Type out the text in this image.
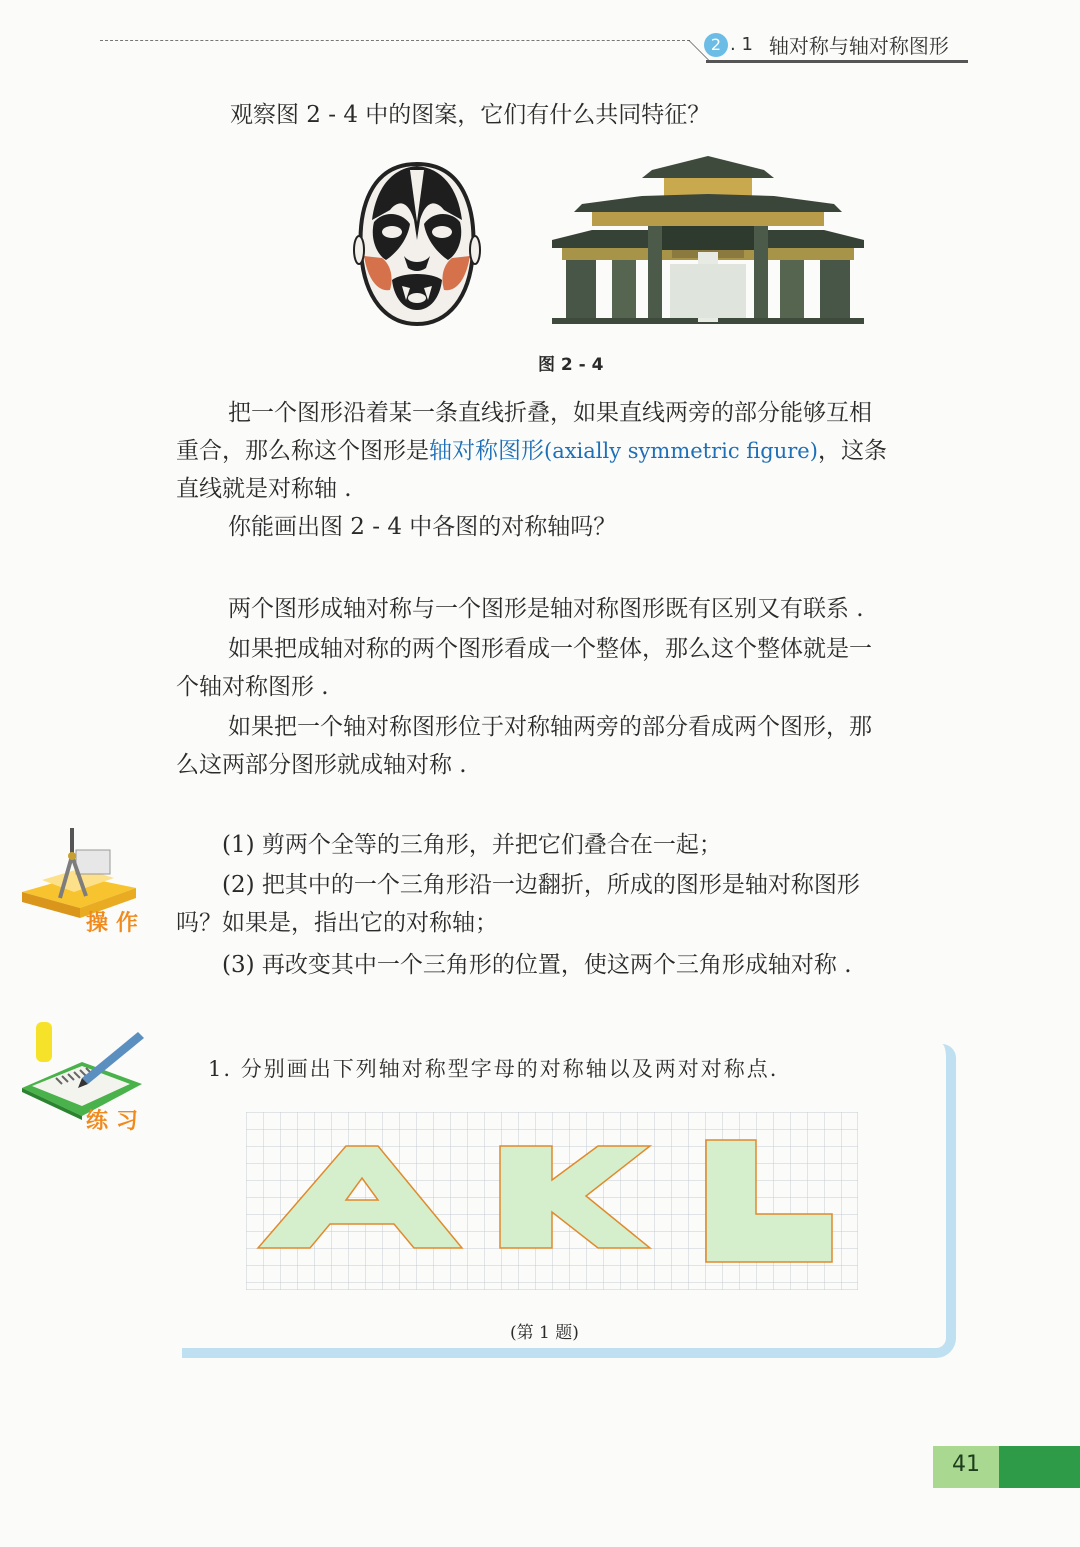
2 . 1 轴对称与轴对称图形
观察图 2 - 4 中的图案，它们有什么共同特征？
图 2 - 4
把一个图形沿着某一条直线折叠，如果直线两旁的部分能够互相
重合，那么称这个图形是轴对称图形(axially symmetric figure)，这条
直线就是对称轴 .
你能画出图 2 - 4 中各图的对称轴吗？
两个图形成轴对称与一个图形是轴对称图形既有区别又有联系 .
如果把成轴对称的两个图形看成一个整体，那么这个整体就是一
个轴对称图形 .
如果把一个轴对称图形位于对称轴两旁的部分看成两个图形，那
么这两部分图形就成轴对称 .
操作
(1) 剪两个全等的三角形，并把它们叠合在一起；
(2) 把其中的一个三角形沿一边翻折，所成的图形是轴对称图形
吗？如果是，指出它的对称轴；
(3) 再改变其中一个三角形的位置，使这两个三角形成轴对称 .
练习
1. 分别画出下列轴对称型字母的对称轴以及两对对称点.
(第 1 题)
41
